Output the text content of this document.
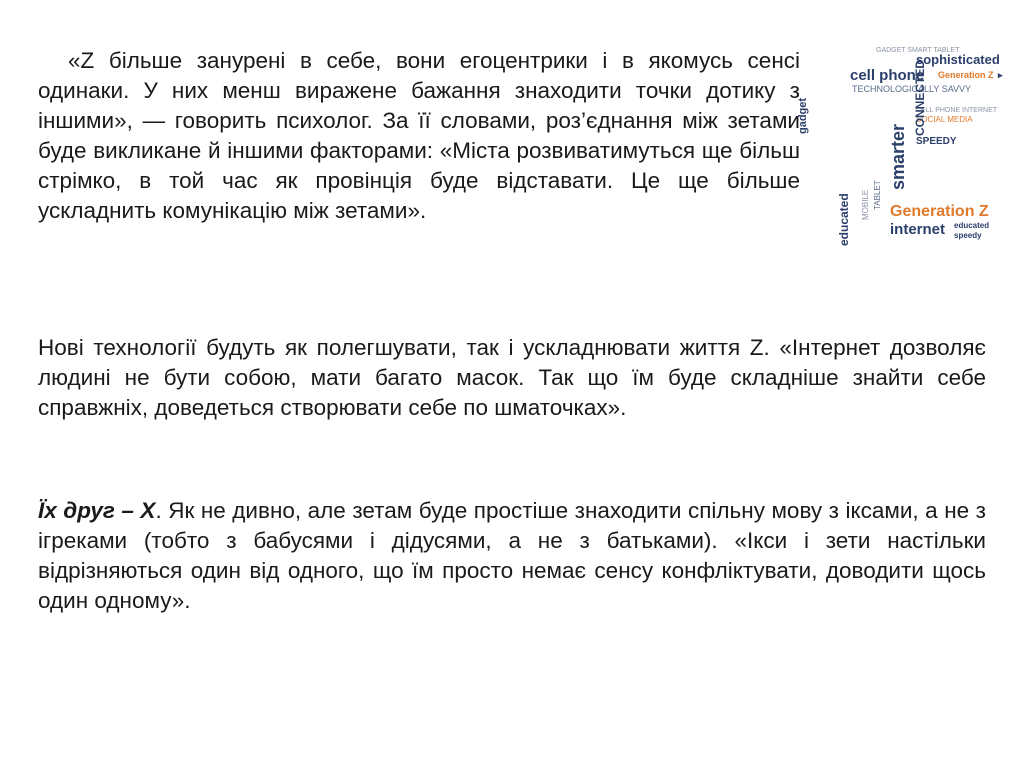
«Z більше занурені в себе, вони егоцентрики і в якомусь сенсі одинаки. У них менш виражене бажання знаходити точки дотику з іншими», — говорить психолог. За її словами, роз’єднання між зетами буде викликане й іншими факторами: «Міста розвиватимуться ще більш стрімко, в той час як провінція буде відставати. Це ще більше ускладнить комунікацію між зетами».

Нові технології будуть як полегшувати, так і ускладнювати життя Z. «Інтернет дозволяє людині не бути собою, мати багато масок. Так що їм буде складніше знайти себе справжніх, доведеться створювати себе по шматочках».

Їх друг – Х. Як не дивно, але зетам буде простіше знаходити спільну мову з іксами, а не з ігреками (тобто з бабусями і дідусями, а не з батьками). «Ікси і зети настільки відрізняються один від одного, що їм просто немає сенсу конфліктувати, доводити щось один одному».

GADGET SMART TABLET
sophisticated
cell phone Generation Z ▸
TECHNOLOGICALLY SAVVY
gadget	CELL PHONE INTERNET
SOCIAL MEDIA
CONNECTED
SPEEDY
smarter
TABLET
MOBILE
educated Generation Z
internet educated
speedy
